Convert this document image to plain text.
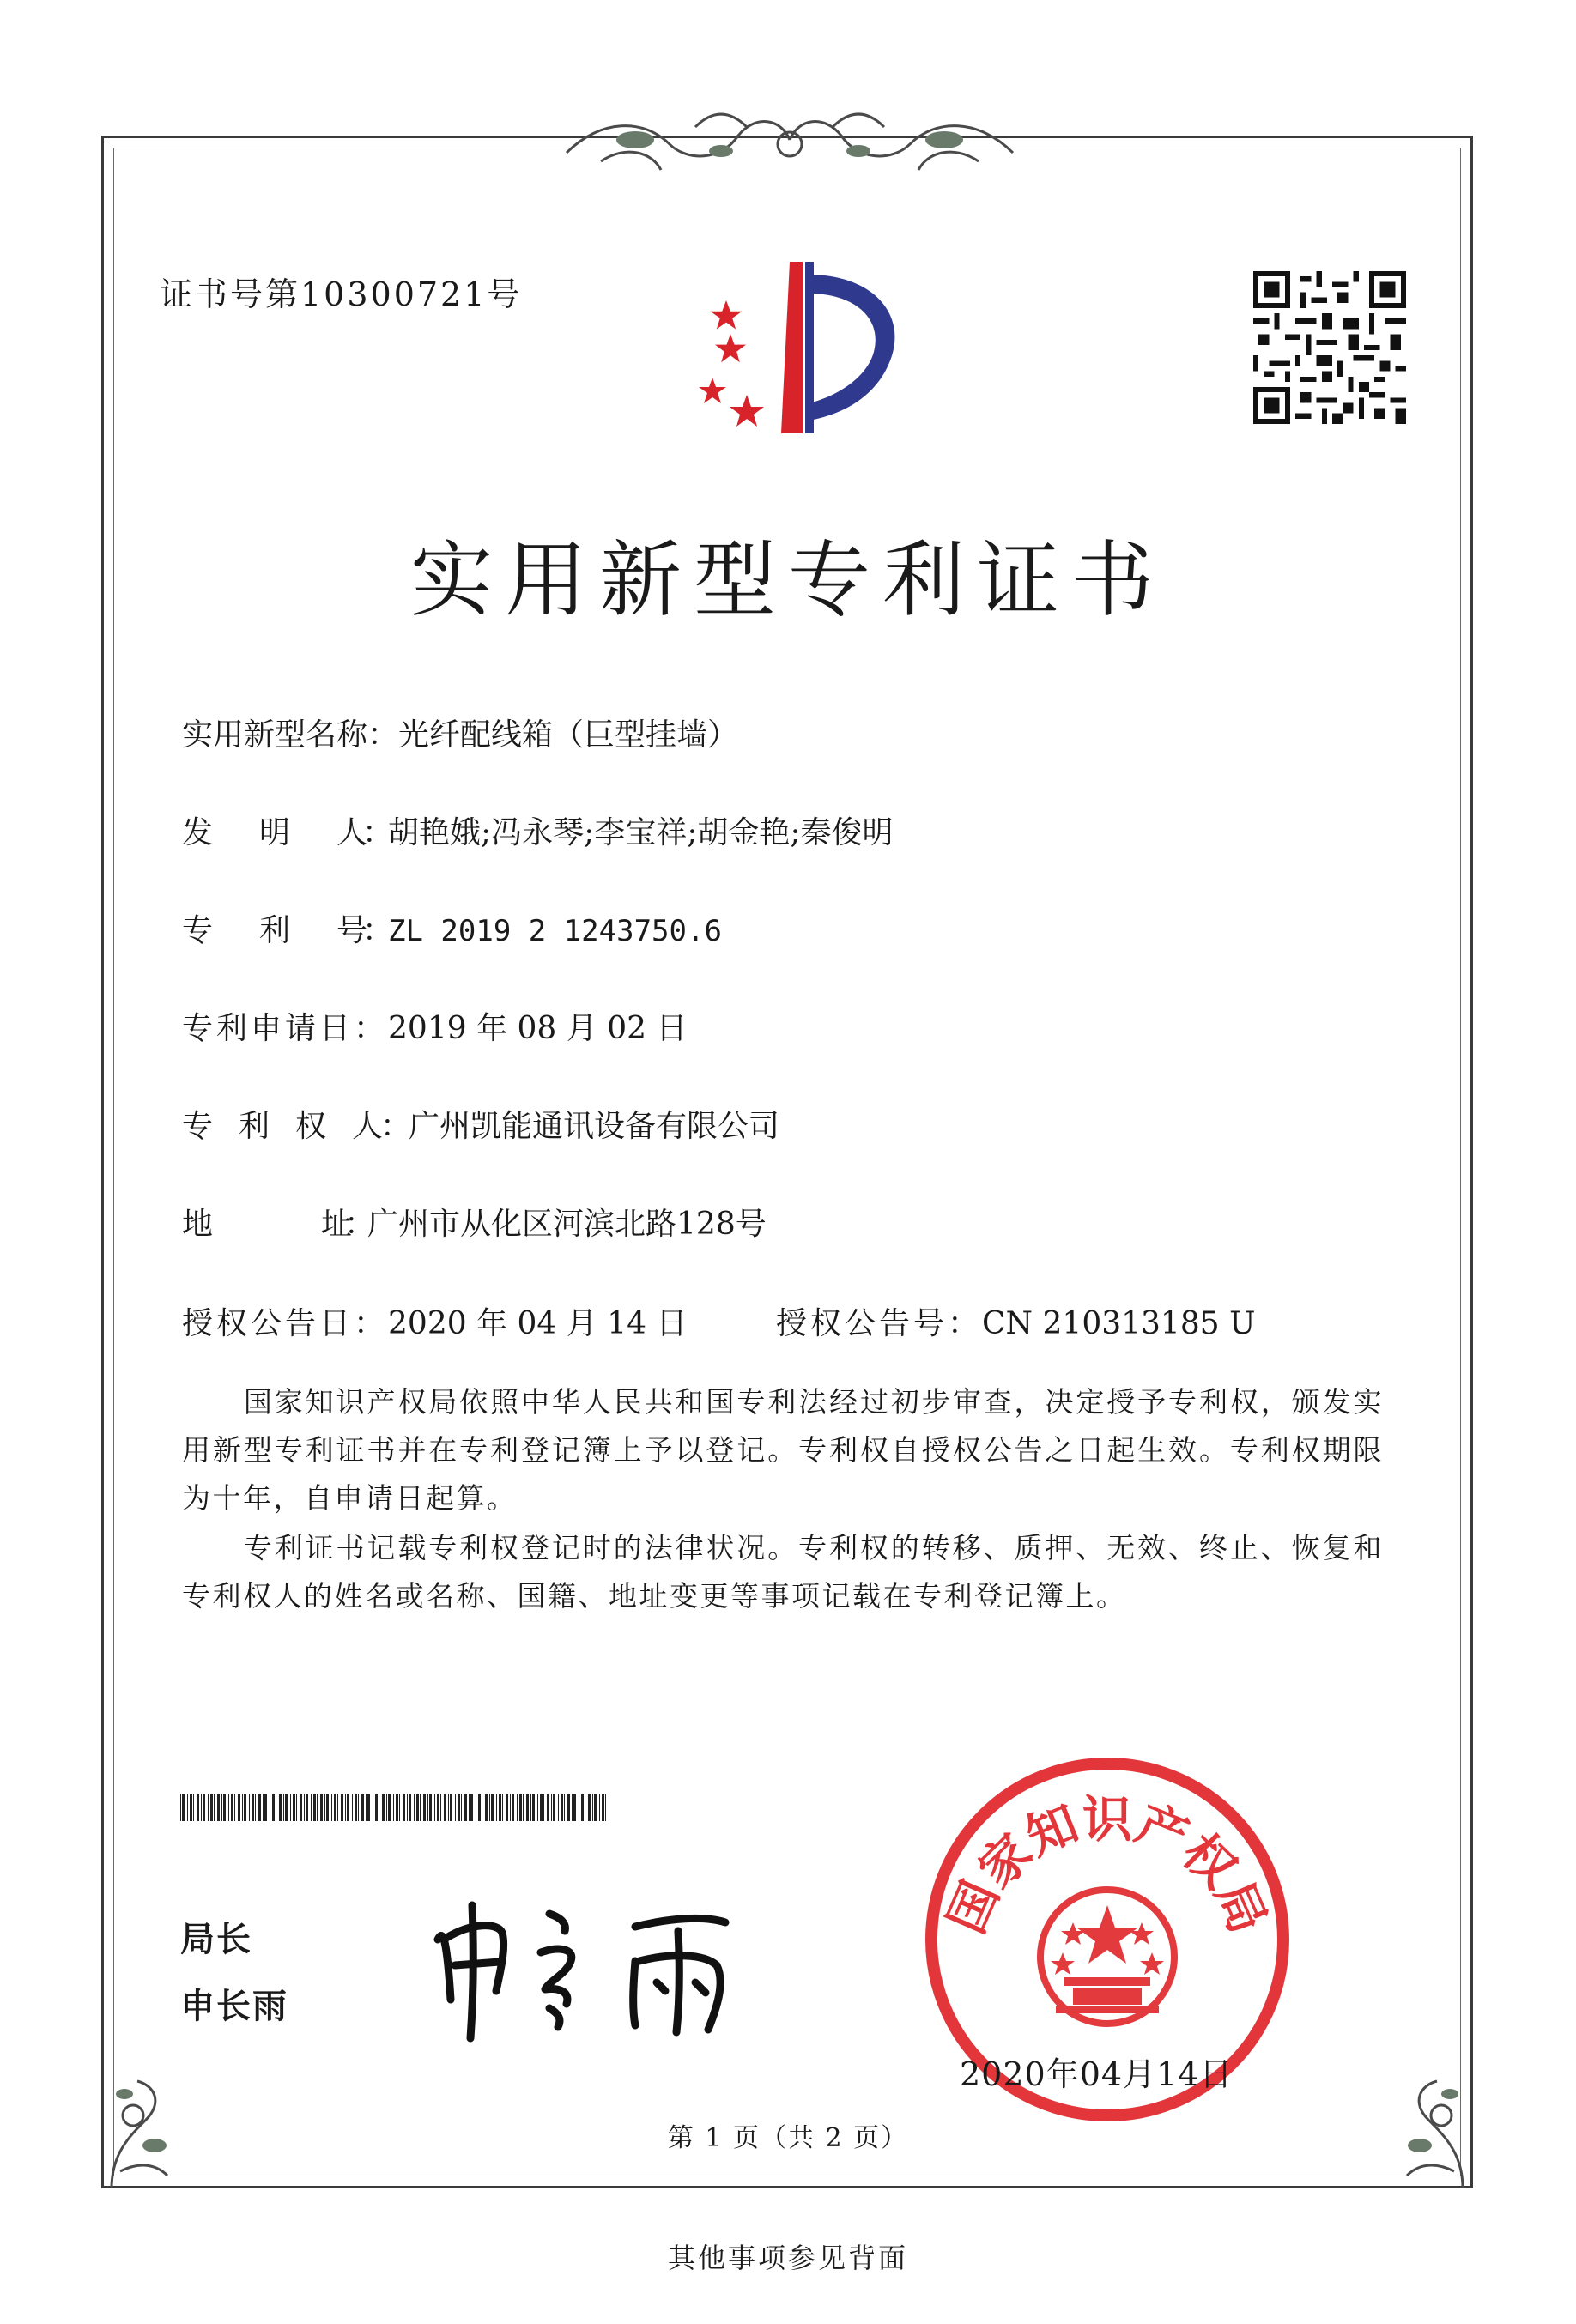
证书号第10300721号
实用新型专利证书
实用新型名称：光纤配线箱（巨型挂墙）
发　　明　　人：胡艳娥;冯永琴;李宝祥;胡金艳;秦俊明
专　　利　　号：ZL 2019 2 1243750.6
专利申请日：2019 年 08 月 02 日
专　利　权　人：广州凯能通讯设备有限公司
地　　　　　址：广州市从化区河滨北路128号
授权公告日：2020 年 04 月 14 日	授权公告号：CN 210313185 U
　　国家知识产权局依照中华人民共和国专利法经过初步审查，决定授予专利权，颁发实用新型专利证书并在专利登记簿上予以登记。专利权自授权公告之日起生效。专利权期限为十年，自申请日起算。
　　专利证书记载专利权登记时的法律状况。专利权的转移、质押、无效、终止、恢复和专利权人的姓名或名称、国籍、地址变更等事项记载在专利登记簿上。
局长
申长雨
国家知识产权局
2020年04月14日
第 1 页（共 2 页）
其他事项参见背面
